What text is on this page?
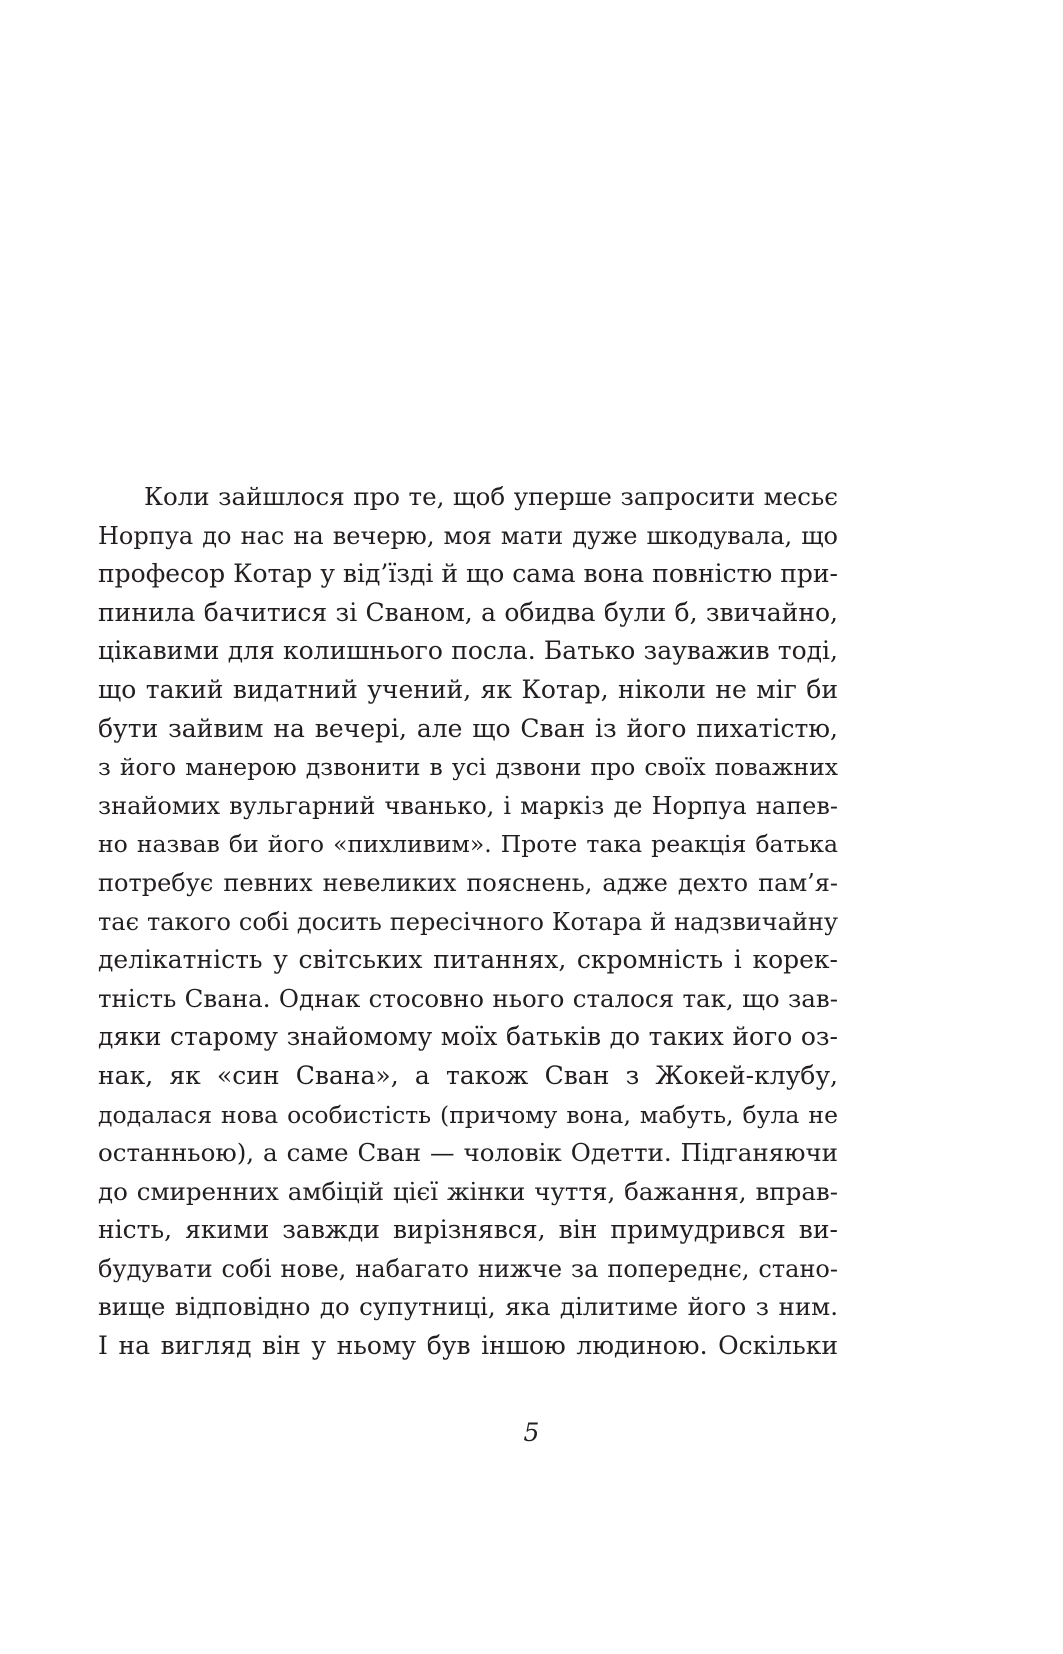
Коли зайшлося про те, щоб уперше запросити месьє
Норпуа до нас на вечерю, моя мати дуже шкодувала, що
професор Котар у від’їзді й що сама вона повністю при-
пинила бачитися зі Сваном, а обидва були б, звичайно,
цікавими для колишнього посла. Батько зауважив тоді,
що такий видатний учений, як Котар, ніколи не міг би
бути зайвим на вечері, але що Сван із його пихатістю,
з його манерою дзвонити в усі дзвони про своїх поважних
знайомих вульгарний чванько, і маркіз де Норпуа напев-
но назвав би його «пихливим». Проте така реакція батька
потребує певних невеликих пояснень, адже дехто пам’я-
тає такого собі досить пересічного Котара й надзвичайну
делікатність у світських питаннях, скромність і корек-
тність Свана. Однак стосовно нього сталося так, що зав-
дяки старому знайомому моїх батьків до таких його оз-
нак, як «син Свана», а також Сван з Жокей-клубу,
додалася нова особистість (причому вона, мабуть, була не
останньою), а саме Сван — чоловік Одетти. Підганяючи
до смиренних амбіцій цієї жінки чуття, бажання, вправ-
ність, якими завжди вирізнявся, він примудрився ви-
будувати собі нове, набагато нижче за попереднє, стано-
вище відповідно до супутниці, яка ділитиме його з ним.
І на вигляд він у ньому був іншою людиною. Оскільки
5
